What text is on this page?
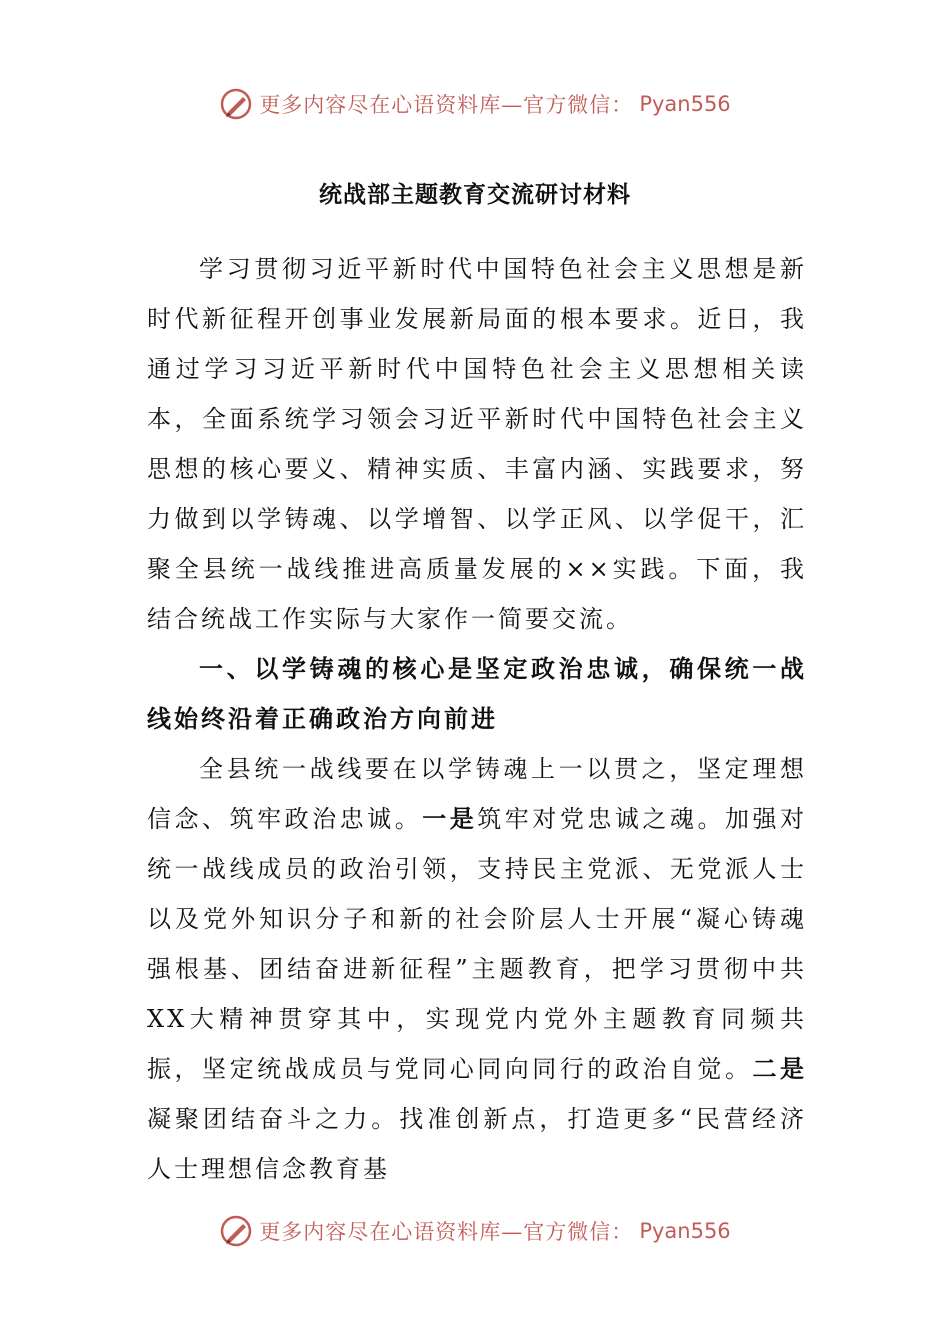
更多内容尽在心语资料库—官方微信： Pyan556
统战部主题教育交流研讨材料

学习贯彻习近平新时代中国特色社会主义思想是新时代新征程开创事业发展新局面的根本要求。近日，我通过学习习近平新时代中国特色社会主义思想相关读本，全面系统学习领会习近平新时代中国特色社会主义思想的核心要义、精神实质、丰富内涵、实践要求，努力做到以学铸魂、以学增智、以学正风、以学促干，汇聚全县统一战线推进高质量发展的××实践。下面，我结合统战工作实际与大家作一简要交流。

一、以学铸魂的核心是坚定政治忠诚，确保统一战线始终沿着正确政治方向前进

全县统一战线要在以学铸魂上一以贯之，坚定理想信念、筑牢政治忠诚。一是筑牢对党忠诚之魂。加强对统一战线成员的政治引领，支持民主党派、无党派人士以及党外知识分子和新的社会阶层人士开展“凝心铸魂强根基、团结奋进新征程”主题教育，把学习贯彻中共XX大精神贯穿其中，实现党内党外主题教育同频共振，坚定统战成员与党同心同向同行的政治自觉。二是凝聚团结奋斗之力。找准创新点，打造更多“民营经济人士理想信念教育基

更多内容尽在心语资料库—官方微信： Pyan556
